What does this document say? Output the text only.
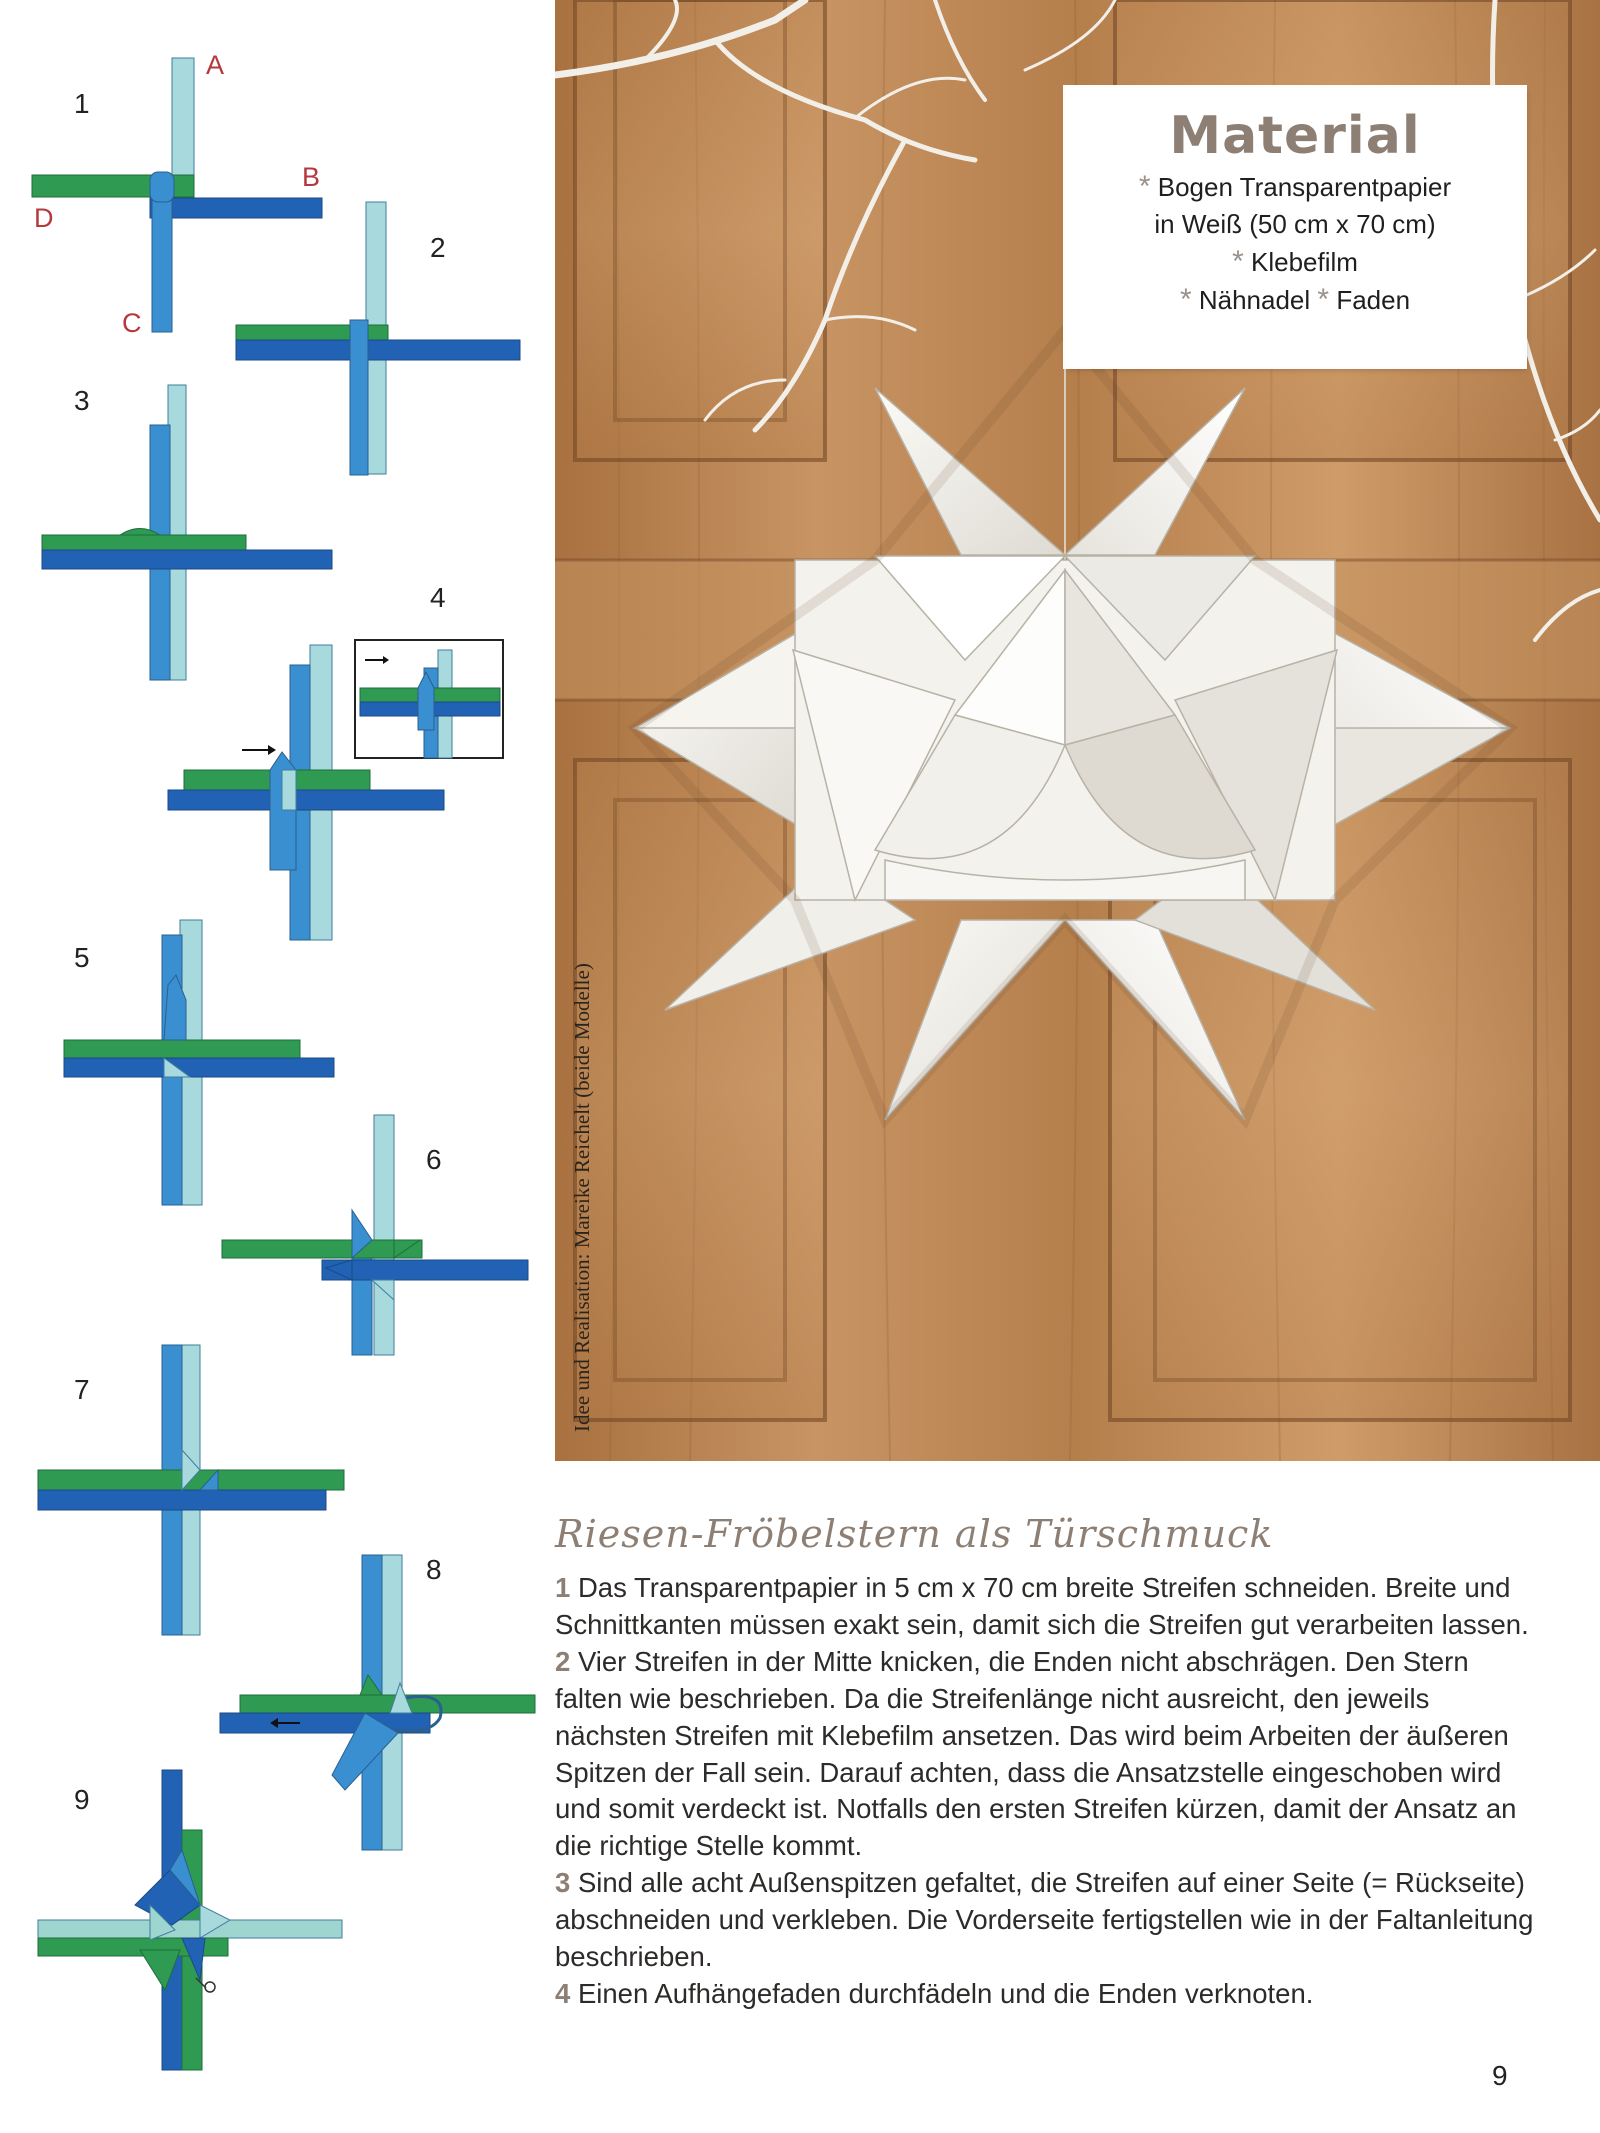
1
2
3
4
5
6
7
8
9
A
B
C
D
Idee und Realisation: Mareike Reichelt (beide Modelle)
Material
* Bogen Transparentpapier
in Weiß (50 cm x 70 cm)
* Klebefilm
* Nähnadel * Faden
Riesen-Fröbelstern als Türschmuck
1 Das Transparentpapier in 5 cm x 70 cm breite Streifen schneiden. Breite und Schnittkanten müssen exakt sein, damit sich die Streifen gut verarbeiten lassen.
2 Vier Streifen in der Mitte knicken, die Enden nicht abschrägen. Den Stern falten wie beschrieben. Da die Streifenlänge nicht ausreicht, den jeweils nächsten Streifen mit Klebefilm ansetzen. Das wird beim Arbeiten der äußeren Spitzen der Fall sein. Darauf achten, dass die Ansatzstelle eingeschoben wird und somit verdeckt ist. Notfalls den ersten Streifen kürzen, damit der Ansatz an die richtige Stelle kommt.
3 Sind alle acht Außenspitzen gefaltet, die Streifen auf einer Seite (= Rückseite) abschneiden und verkleben. Die Vorderseite fertigstellen wie in der Faltanleitung beschrieben.
4 Einen Aufhängefaden durchfädeln und die Enden verknoten.
9
